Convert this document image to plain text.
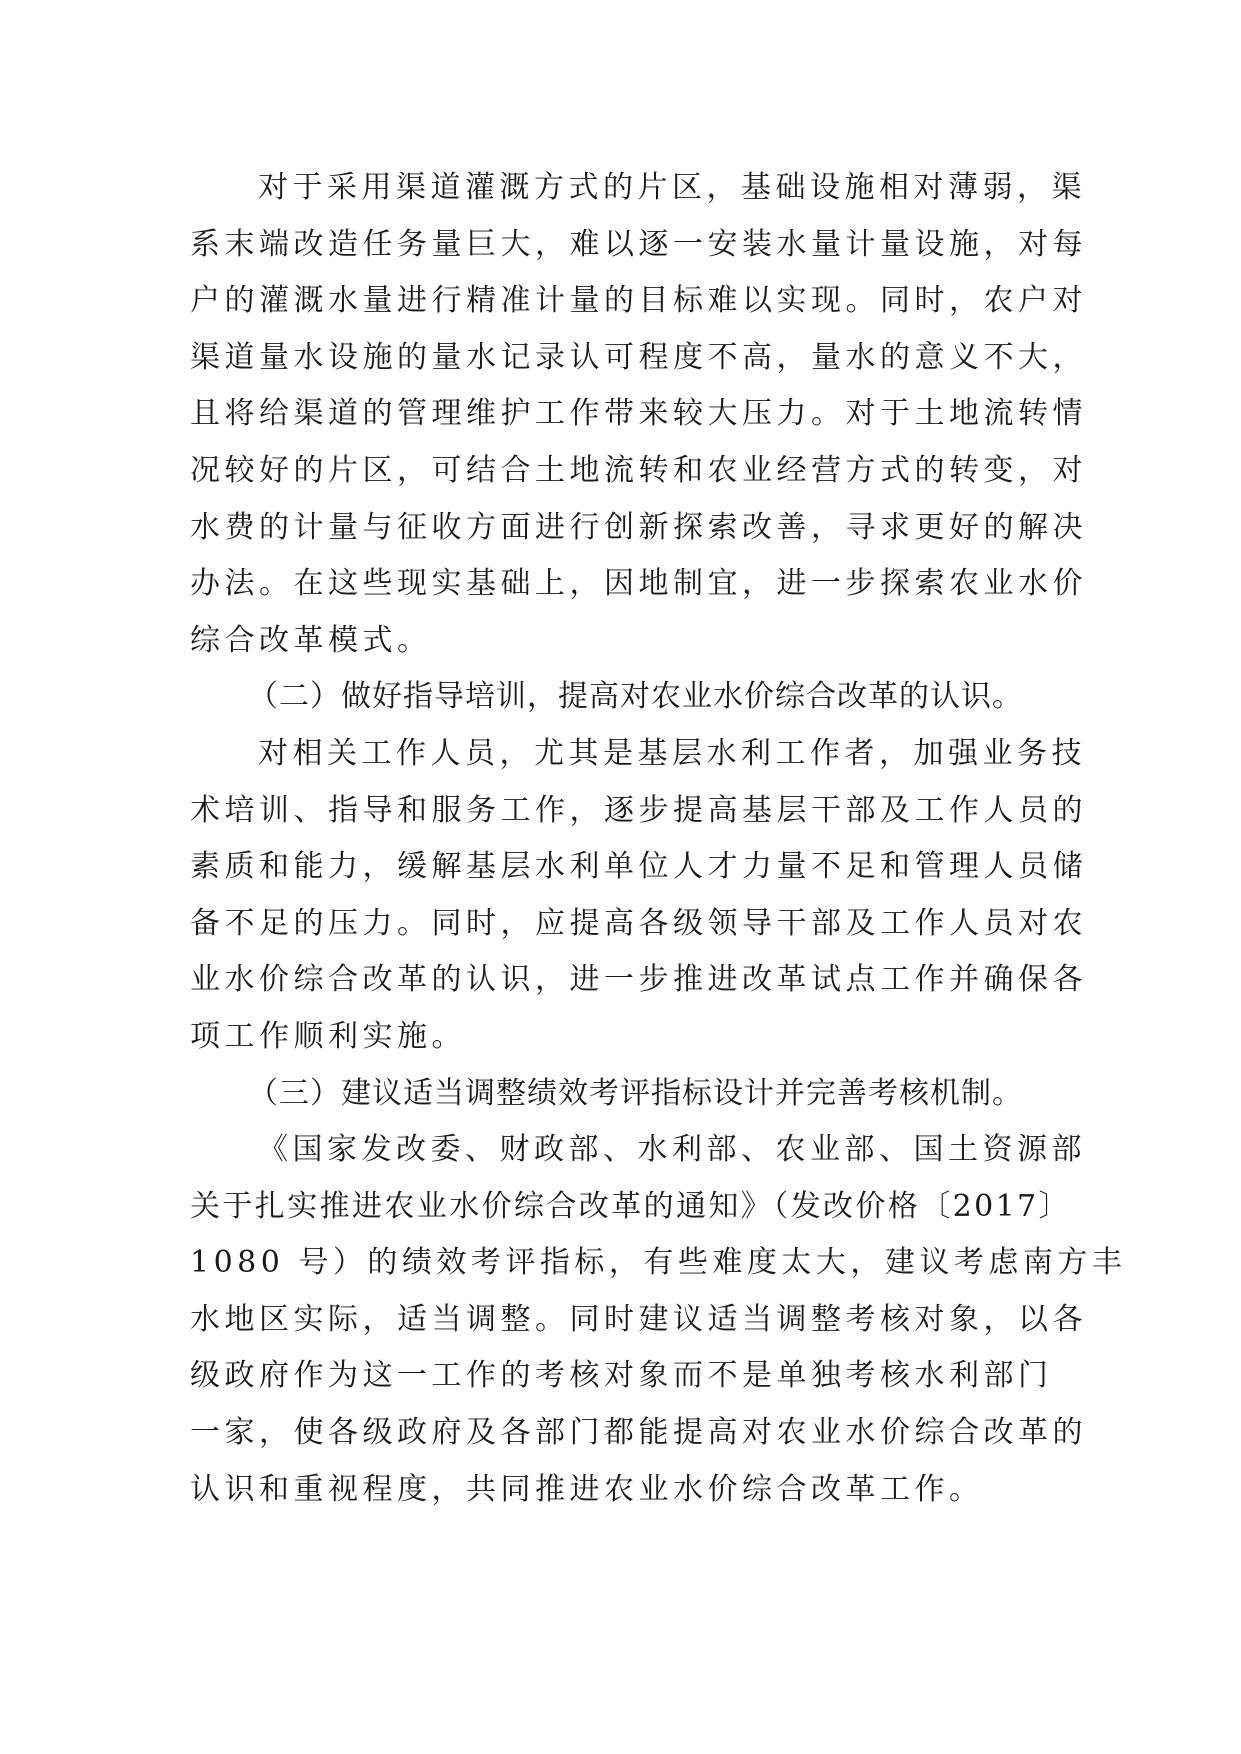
对于采用渠道灌溉方式的片区，基础设施相对薄弱，渠
系末端改造任务量巨大，难以逐一安装水量计量设施，对每
户的灌溉水量进行精准计量的目标难以实现。同时，农户对
渠道量水设施的量水记录认可程度不高，量水的意义不大，
且将给渠道的管理维护工作带来较大压力。对于土地流转情
况较好的片区，可结合土地流转和农业经营方式的转变，对
水费的计量与征收方面进行创新探索改善，寻求更好的解决
办法。在这些现实基础上，因地制宜，进一步探索农业水价
综合改革模式。
（二）做好指导培训，提高对农业水价综合改革的认识。
对相关工作人员，尤其是基层水利工作者，加强业务技
术培训、指导和服务工作，逐步提高基层干部及工作人员的
素质和能力，缓解基层水利单位人才力量不足和管理人员储
备不足的压力。同时，应提高各级领导干部及工作人员对农
业水价综合改革的认识，进一步推进改革试点工作并确保各
项工作顺利实施。
（三）建议适当调整绩效考评指标设计并完善考核机制。
《国家发改委、财政部、水利部、农业部、国土资源部
关于扎实推进农业水价综合改革的通知》（发改价格〔2017〕
1080 号）的绩效考评指标，有些难度太大，建议考虑南方丰
水地区实际，适当调整。同时建议适当调整考核对象，以各
级政府作为这一工作的考核对象而不是单独考核水利部门
一家，使各级政府及各部门都能提高对农业水价综合改革的
认识和重视程度，共同推进农业水价综合改革工作。
